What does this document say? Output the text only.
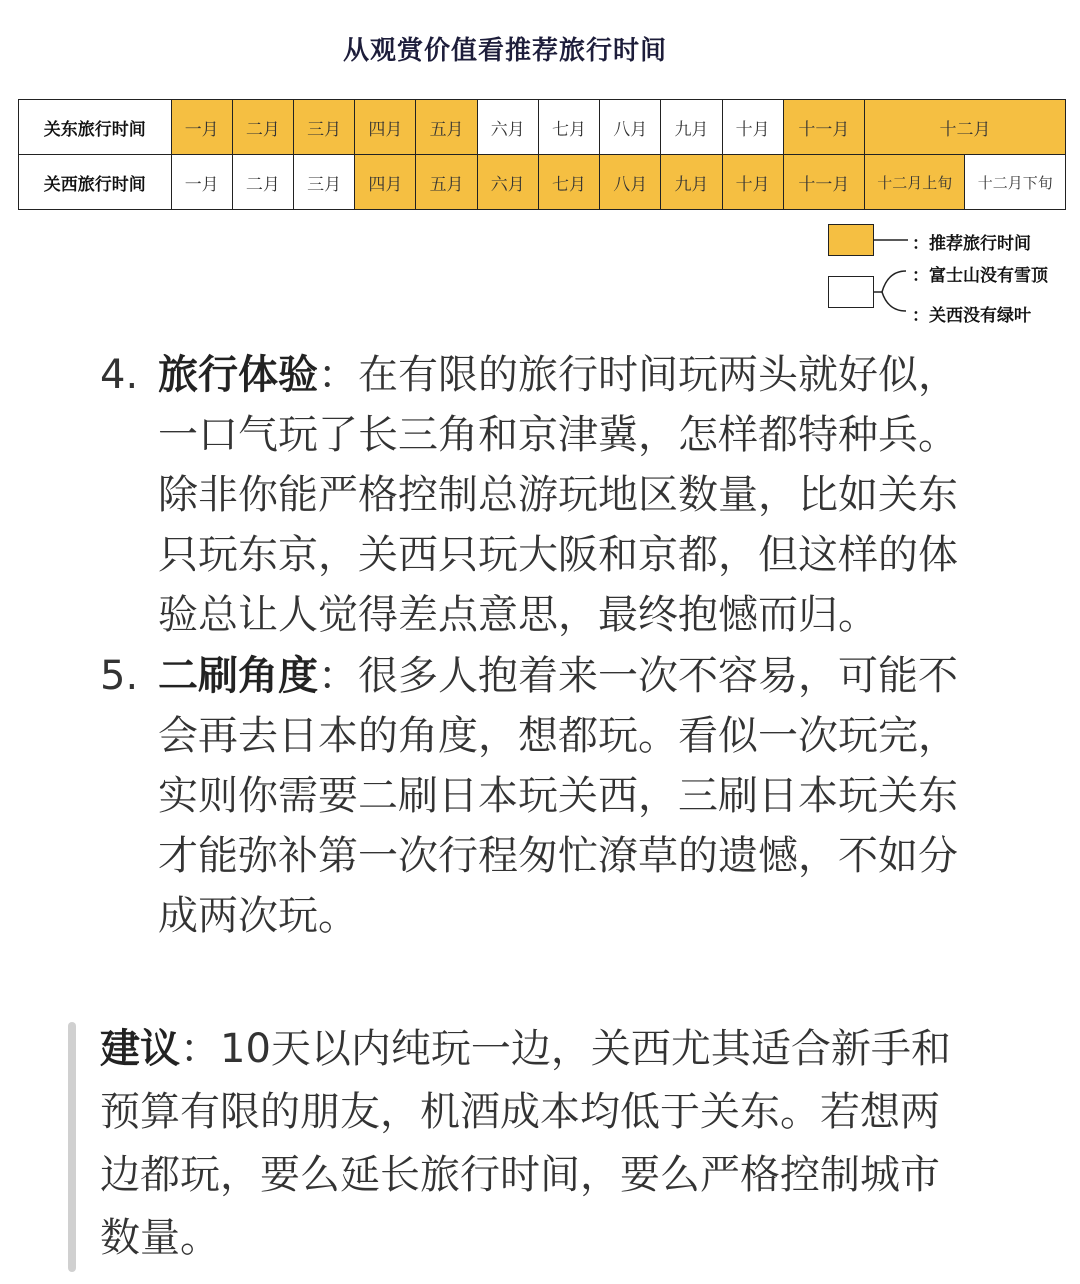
从观赏价值看推荐旅行时间
关东旅行时间	一月	二月	三月	四月	五月	六月	七月	八月	九月	十月	十一月	十二月	
关西旅行时间	一月	二月	三月	四月	五月	六月	七月	八月	九月	十月	十一月	十二月上旬	十二月下旬
：推荐旅行时间
：富士山没有雪顶
：关西没有绿叶
4. 旅行体验：在有限的旅行时间玩两头就好似，
一口气玩了长三角和京津冀，怎样都特种兵。
除非你能严格控制总游玩地区数量，比如关东
只玩东京，关西只玩大阪和京都，但这样的体
验总让人觉得差点意思，最终抱憾而归。
5. 二刷角度：很多人抱着来一次不容易，可能不
会再去日本的角度，想都玩。看似一次玩完，
实则你需要二刷日本玩关西，三刷日本玩关东
才能弥补第一次行程匆忙潦草的遗憾，不如分
成两次玩。
建议：10天以内纯玩一边，关西尤其适合新手和
预算有限的朋友，机酒成本均低于关东。若想两
边都玩，要么延长旅行时间，要么严格控制城市
数量。
